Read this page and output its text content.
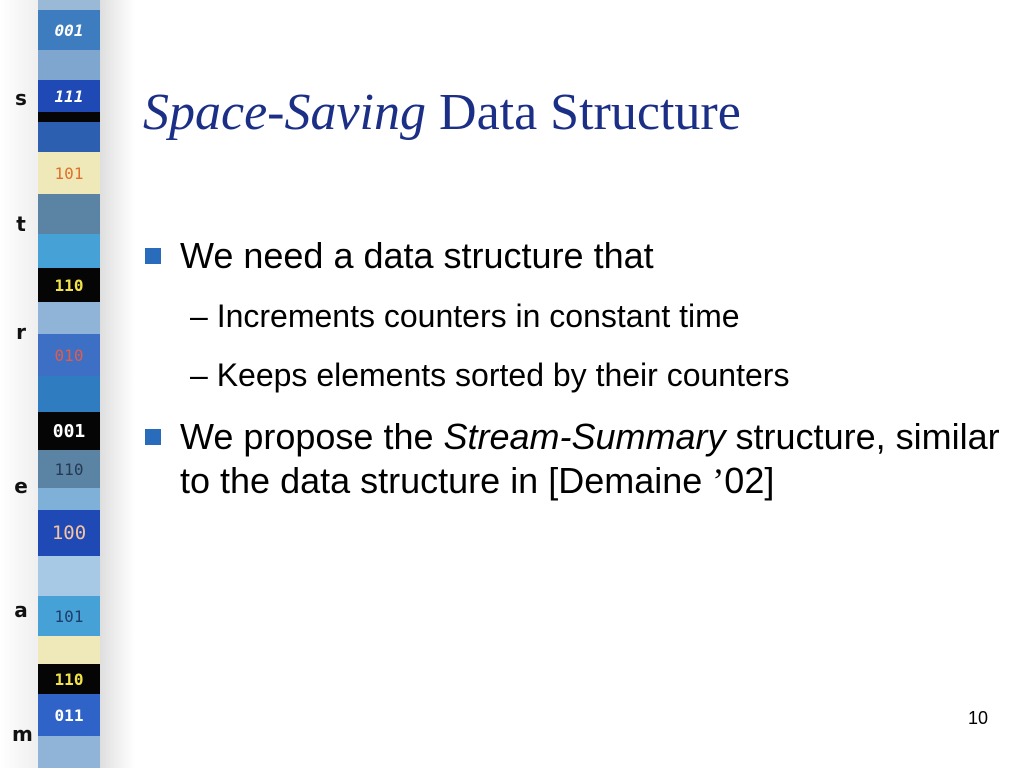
001
111
101
110
010
001
110
100
101
110
011
s
t
r
e
a
m
Space-Saving Data Structure
We need a data structure that
– Increments counters in constant time
– Keeps elements sorted by their counters
We propose the Stream-Summary structure, similar to the data structure in [Demaine ’02]
10
